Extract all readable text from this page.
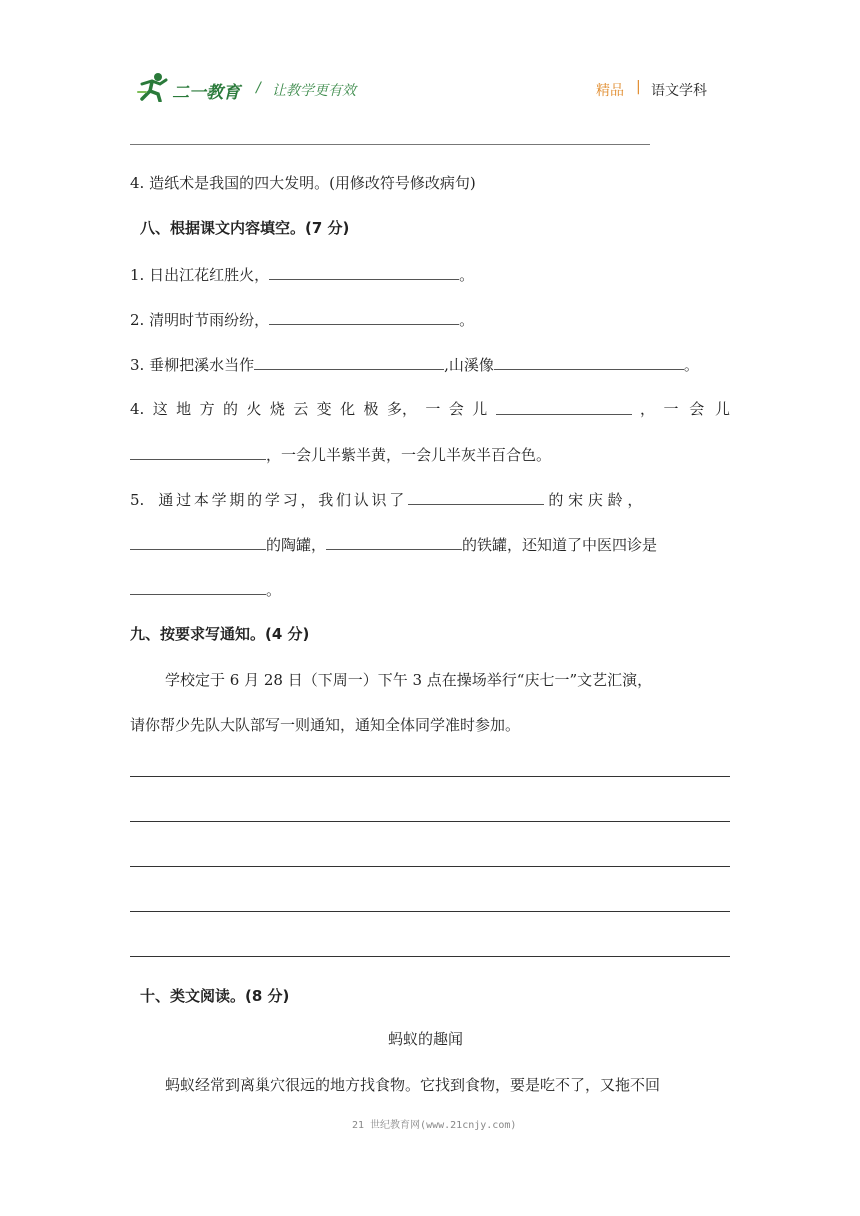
二一教育 / 让教学更有效	精品 | 语文学科
4. 造纸术是我国的四大发明。(用修改符号修改病句)
八、根据课文内容填空。(7 分)
1. 日出江花红胜火，	。
2. 清明时节雨纷纷，	。
3. 垂柳把溪水当作	,山溪像	。
4. 这 地 方 的 火 烧 云 变 化 极 多， 一 会 儿	， 一 会 儿
，一会儿半紫半黄，一会儿半灰半百合色。
5. 通 过 本 学 期 的 学 习 ， 我 们 认 识 了	的 宋 庆 龄 ，
的陶罐，	的铁罐，还知道了中医四诊是
。
九、按要求写通知。(4 分)
学校定于 6 月 28 日（下周一）下午 3 点在操场举行“庆七一”文艺汇演，
请你帮少先队大队部写一则通知，通知全体同学准时参加。
十、类文阅读。(8 分)
蚂蚁的趣闻
蚂蚁经常到离巢穴很远的地方找食物。它找到食物，要是吃不了，又拖不回
21 世纪教育网(www.21cnjy.com)
